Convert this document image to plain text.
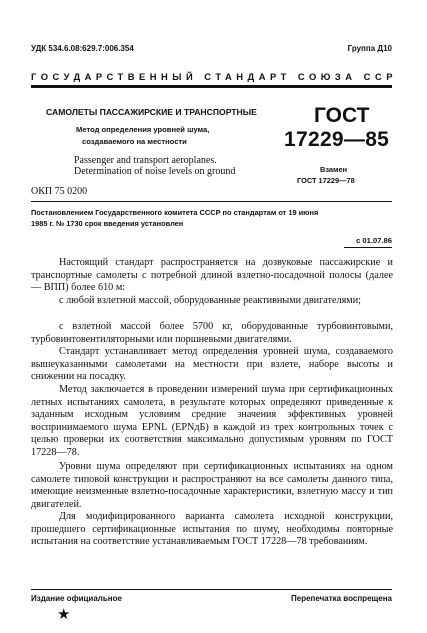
УДК 534.6.08:629.7:006.354	Группа Д10
ГОСУДАРСТВЕННЫЙ СТАНДАРТ СОЮЗА ССР
САМОЛЕТЫ ПАССАЖИРСКИЕ И ТРАНСПОРТНЫЕ
Метод определения уровней шума,
создаваемого на местности
Passenger and transport aeroplanes.
Determination of noise levels on ground
ГОСТ
17229—85
Взамен
ГОСТ 17229—78
ОКП 75 0200
Постановлением Государственного комитета СССР по стандартам от 19 июня
1985 г. № 1730 срок введения установлен
с 01.07.86
Настоящий стандарт распространяется на дозвуковые пассажирские и транспортные самолеты с потребной длиной взлетно-посадочной полосы (далее — ВПП) более 610 м:
с любой взлетной массой, оборудованные реактивными двигателями;
с взлетной массой более 5700 кг, оборудованные турбовинтовыми, турбовинтовентиляторными или поршневыми двигателями.
Стандарт устанавливает метод определения уровней шума, создаваемого вышеуказанными самолетами на местности при взлете, наборе высоты и снижении на посадку.
Метод заключается в проведении измерений шума при сертификационных летных испытаниях самолета, в результате которых определяют приведенные к заданным исходным условиям средние значения эффективных уровней воспринимаемого шума EPNL (EPNдБ) в каждой из трех контрольных точек с целью проверки их соответствия максимально допустимым уровням по ГОСТ 17228—78.
Уровни шума определяют при сертификационных испытаниях на одном самолете типовой конструкции и распространяют на все самолеты данного типа, имеющие неизменные взлетно-посадочные характеристики, взлетную массу и тип двигателей.
Для модифицированного варианта самолета исходной конструкции, прошедшего сертификационные испытания по шуму, необходимы повторные испытания на соответствие устанавливаемым ГОСТ 17228—78 требованиям.
Издание официальное	Перепечатка воспрещена
★
